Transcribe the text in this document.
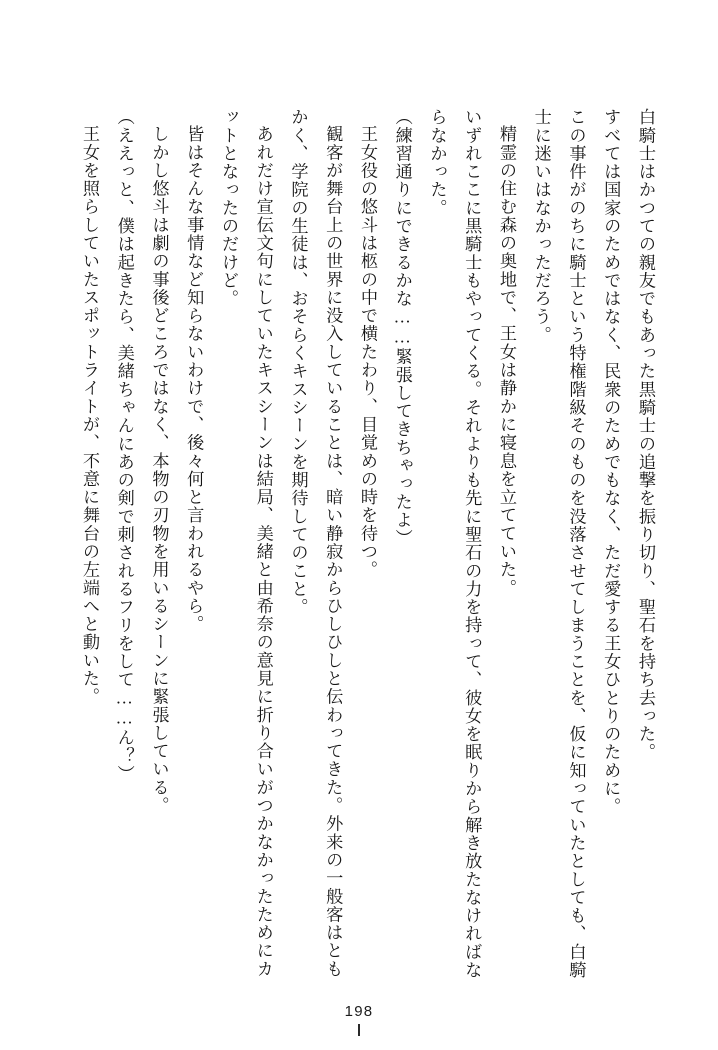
白騎士はかつての親友でもあった黒騎士の追撃を振り切り、聖石を持ち去った。

すべては国家のためではなく、民衆のためでもなく、ただ愛する王女ひとりのために。

この事件がのちに騎士という特権階級そのものを没落させてしまうことを、仮に知っていたとしても、白騎士に迷いはなかっただろう。

精霊の住む森の奥地で、王女は静かに寝息を立てていた。

いずれここに黒騎士もやってくる。それよりも先に聖石の力を持って、彼女を眠りから解き放たなければならなかった。

（練習通りにできるかな……緊張してきちゃったよ）

王女役の悠斗は柩の中で横たわり、目覚めの時を待つ。

観客が舞台上の世界に没入していることは、暗い静寂からひしひしと伝わってきた。外来の一般客はともかく、学院の生徒は、おそらくキスシーンを期待してのこと。

あれだけ宣伝文句にしていたキスシーンは結局、美緒と由希奈の意見に折り合いがつかなかったためにカットとなったのだけど。

皆はそんな事情など知らないわけで、後々何と言われるやら。

しかし悠斗は劇の事後どころではなく、本物の刃物を用いるシーンに緊張している。

（ええっと、僕は起きたら、美緒ちゃんにあの剣で刺されるフリをして……ん？）

王女を照らしていたスポットライトが、不意に舞台の左端へと動いた。

198
